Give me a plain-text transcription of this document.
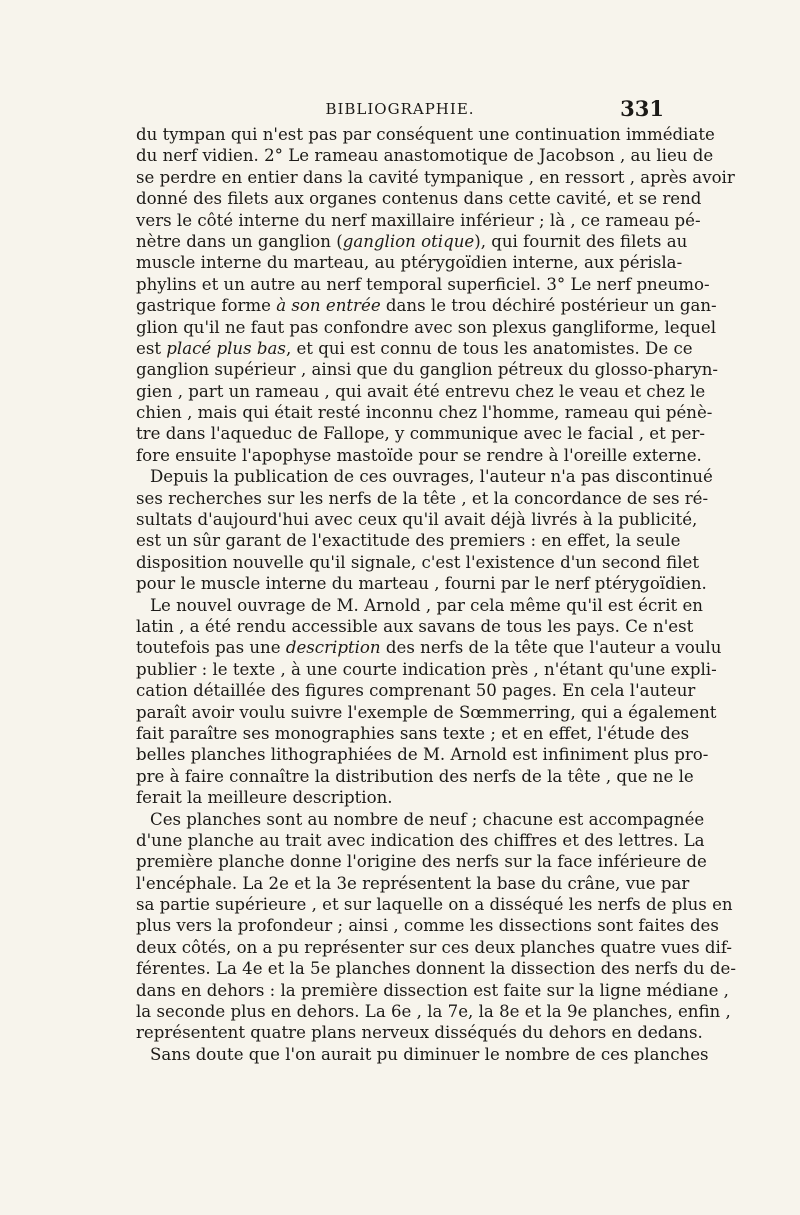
BIBLIOGRAPHIE.	331
du tympan qui n'est pas par conséquent une continuation immédiate
du nerf vidien. 2° Le rameau anastomotique de Jacobson , au lieu de
se perdre en entier dans la cavité tympanique , en ressort , après avoir
donné des filets aux organes contenus dans cette cavité, et se rend
vers le côté interne du nerf maxillaire inférieur ; là , ce rameau pé-
nètre dans un ganglion (ganglion otique), qui fournit des filets au
muscle interne du marteau, au ptérygoïdien interne, aux périsla-
phylins et un autre au nerf temporal superficiel. 3° Le nerf pneumo-
gastrique forme à son entrée dans le trou déchiré postérieur un gan-
glion qu'il ne faut pas confondre avec son plexus gangliforme, lequel
est placé plus bas, et qui est connu de tous les anatomistes. De ce
ganglion supérieur , ainsi que du ganglion pétreux du glosso-pharyn-
gien , part un rameau , qui avait été entrevu chez le veau et chez le
chien , mais qui était resté inconnu chez l'homme, rameau qui pénè-
tre dans l'aqueduc de Fallope, y communique avec le facial , et per-
fore ensuite l'apophyse mastoïde pour se rendre à l'oreille externe.
Depuis la publication de ces ouvrages, l'auteur n'a pas discontinué
ses recherches sur les nerfs de la tête , et la concordance de ses ré-
sultats d'aujourd'hui avec ceux qu'il avait déjà livrés à la publicité,
est un sûr garant de l'exactitude des premiers : en effet, la seule
disposition nouvelle qu'il signale, c'est l'existence d'un second filet
pour le muscle interne du marteau , fourni par le nerf ptérygoïdien.
Le nouvel ouvrage de M. Arnold , par cela même qu'il est écrit en
latin , a été rendu accessible aux savans de tous les pays. Ce n'est
toutefois pas une description des nerfs de la tête que l'auteur a voulu
publier : le texte , à une courte indication près , n'étant qu'une expli-
cation détaillée des figures comprenant 50 pages. En cela l'auteur
paraît avoir voulu suivre l'exemple de Sœmmerring, qui a également
fait paraître ses monographies sans texte ; et en effet, l'étude des
belles planches lithographiées de M. Arnold est infiniment plus pro-
pre à faire connaître la distribution des nerfs de la tête , que ne le
ferait la meilleure description.
Ces planches sont au nombre de neuf ; chacune est accompagnée
d'une planche au trait avec indication des chiffres et des lettres. La
première planche donne l'origine des nerfs sur la face inférieure de
l'encéphale. La 2e et la 3e représentent la base du crâne, vue par
sa partie supérieure , et sur laquelle on a disséqué les nerfs de plus en
plus vers la profondeur ; ainsi , comme les dissections sont faites des
deux côtés, on a pu représenter sur ces deux planches quatre vues dif-
férentes. La 4e et la 5e planches donnent la dissection des nerfs du de-
dans en dehors : la première dissection est faite sur la ligne médiane ,
la seconde plus en dehors. La 6e , la 7e, la 8e et la 9e planches, enfin ,
représentent quatre plans nerveux disséqués du dehors en dedans.
Sans doute que l'on aurait pu diminuer le nombre de ces planches
